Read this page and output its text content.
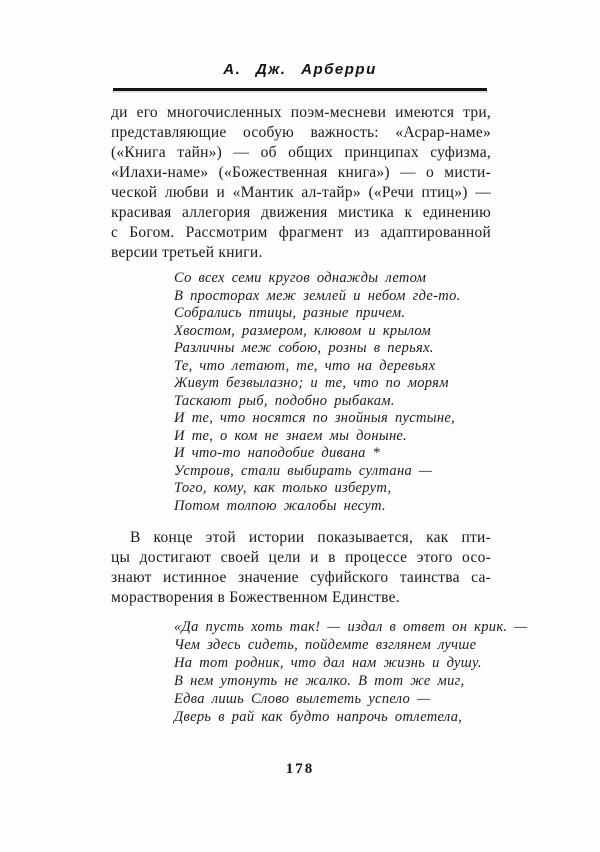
А. Дж. Арберри
ди его многочисленных поэм-месневи имеются три,
представляющие особую важность: «Асрар-наме»
(«Книга тайн») — об общих принципах суфизма,
«Илахи-наме» («Божественная книга») — о мисти-
ческой любви и «Мантик ал-тайр» («Речи птиц») —
красивая аллегория движения мистика к единению
с Богом. Рассмотрим фрагмент из адаптированной
версии третьей книги.
Со всех семи кругов однажды летом
В просторах меж землей и небом где-то.
Собрались птицы, разные причем.
Хвостом, размером, клювом и крылом
Различны меж собою, розны в перьях.
Те, что летают, те, что на деревьях
Живут безвылазно; и те, что по морям
Таскают рыб, подобно рыбакам.
И те, что носятся по знойныя пустыне,
И те, о ком не знаем мы доныне.
И что-то наподобие дивана *
Устроив, стали выбирать султана —
Того, кому, как только изберут,
Потом толпою жалобы несут.
В конце этой истории показывается, как пти-
цы достигают своей цели и в процессе этого осо-
знают истинное значение суфийского таинства са-
морастворения в Божественном Единстве.
«Да пусть хоть так! — издал в ответ он крик. —
Чем здесь сидеть, пойдемте взглянем лучше
На тот родник, что дал нам жизнь и душу.
В нем утонуть не жалко. В тот же миг,
Едва лишь Слово вылететь успело —
Дверь в рай как будто напрочь отлетела,
178
